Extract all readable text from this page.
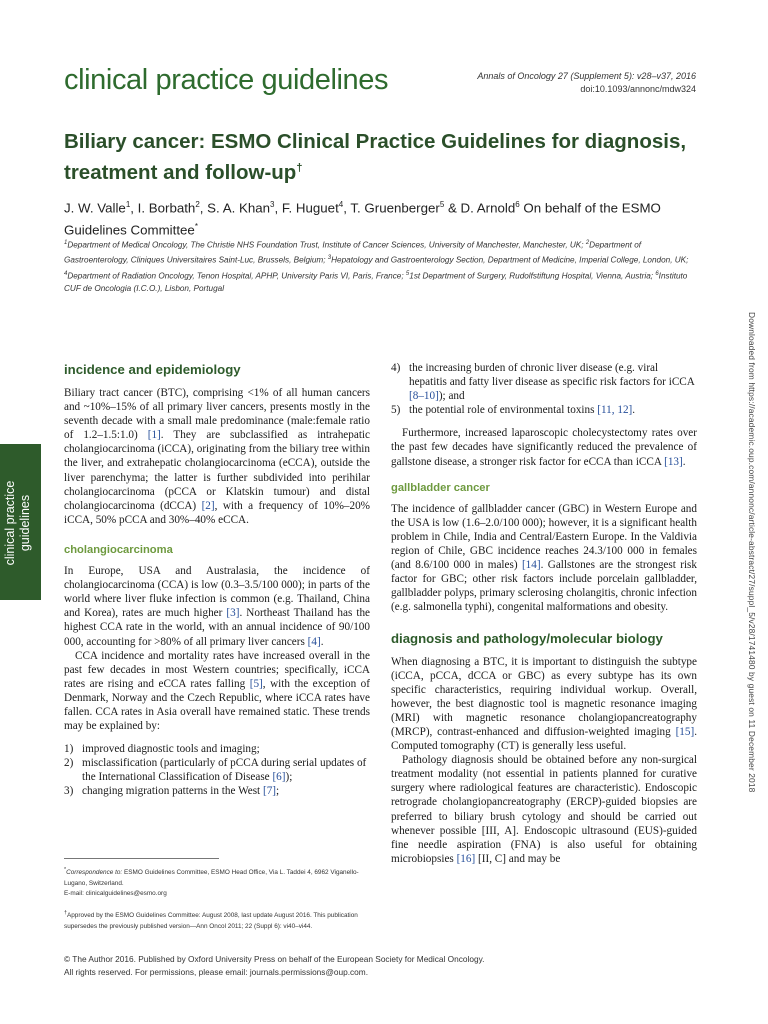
clinical practice guidelines	Annals of Oncology 27 (Supplement 5): v28–v37, 2016
doi:10.1093/annonc/mdw324
Biliary cancer: ESMO Clinical Practice Guidelines for diagnosis, treatment and follow-up†
J. W. Valle$^1$, I. Borbath$^2$, S. A. Khan$^3$, F. Huguet$^4$, T. Gruenberger$^5$ & D. Arnold$^6$ On behalf of the ESMO Guidelines Committee*
$^1$Department of Medical Oncology, The Christie NHS Foundation Trust, Institute of Cancer Sciences, University of Manchester, Manchester, UK; $^2$Department of Gastroenterology, Cliniques Universitaires Saint-Luc, Brussels, Belgium; $^3$Hepatology and Gastroenterology Section, Department of Medicine, Imperial College, London, UK; $^4$Department of Radiation Oncology, Tenon Hospital, APHP, University Paris VI, Paris, France; $^5$1st Department of Surgery, Rudolfstiftung Hospital, Vienna, Austria; $^6$Instituto CUF de Oncologia (I.C.O.), Lisbon, Portugal
incidence and epidemiology

Biliary tract cancer (BTC), comprising <1% of all human cancers and ~10%–15% of all primary liver cancers, presents mostly in the seventh decade with a small male predominance (male:female ratio of 1.2–1.5:1.0) [1]. They are subclassified as intrahepatic cholangiocarcinoma (iCCA), originating from the biliary tree within the liver, and extrahepatic cholangiocarcinoma (eCCA), outside the liver parenchyma; the latter is further subdivided into perihilar cholangiocarcinoma (pCCA or Klatskin tumour) and distal cholangiocarcinoma (dCCA) [2], with a frequency of 10%–20% iCCA, 50% pCCA and 30%–40% eCCA.

cholangiocarcinoma

In Europe, USA and Australasia, the incidence of cholangiocarcinoma (CCA) is low (0.3–3.5/100 000); in parts of the world where liver fluke infection is common (e.g. Thailand, China and Korea), rates are much higher [3]. Northeast Thailand has the highest CCA rate in the world, with an annual incidence of 90/100 000, accounting for >80% of all primary liver cancers [4].

CCA incidence and mortality rates have increased overall in the past few decades in most Western countries; specifically, iCCA rates are rising and eCCA rates falling [5], with the exception of Denmark, Norway and the Czech Republic, where iCCA rates have fallen. CCA rates in Asia overall have remained static. These trends may be explained by:

1) improved diagnostic tools and imaging;
2) misclassification (particularly of pCCA during serial updates of the International Classification of Disease [6]);
3) changing migration patterns in the West [7];
4) the increasing burden of chronic liver disease (e.g. viral hepatitis and fatty liver disease as specific risk factors for iCCA [8–10]); and
5) the potential role of environmental toxins [11, 12].

Furthermore, increased laparoscopic cholecystectomy rates over the past few decades have significantly reduced the prevalence of gallstone disease, a stronger risk factor for eCCA than iCCA [13].

gallbladder cancer

The incidence of gallbladder cancer (GBC) in Western Europe and the USA is low (1.6–2.0/100 000); however, it is a significant health problem in Chile, India and Central/Eastern Europe. In the Valdivia region of Chile, GBC incidence reaches 24.3/100 000 in females (and 8.6/100 000 in males) [14]. Gallstones are the strongest risk factor for GBC; other risk factors include porcelain gallbladder, gallbladder polyps, primary sclerosing cholangitis, chronic infection (e.g. salmonella typhi), congenital malformations and obesity.

diagnosis and pathology/molecular biology

When diagnosing a BTC, it is important to distinguish the subtype (iCCA, pCCA, dCCA or GBC) as every subtype has its own specific characteristics, requiring individual workup. Overall, however, the best diagnostic tool is magnetic resonance imaging (MRI) with magnetic resonance cholangiopancreatography (MRCP), contrast-enhanced and diffusion-weighted imaging [15]. Computed tomography (CT) is generally less useful.

Pathology diagnosis should be obtained before any non-surgical treatment modality (not essential in patients planned for curative surgery where radiological features are characteristic). Endoscopic retrograde cholangiopancreatography (ERCP)-guided biopsies are preferred to biliary brush cytology and should be carried out whenever possible [III, A]. Endoscopic ultrasound (EUS)-guided fine needle aspiration (FNA) is also useful for obtaining microbiopsies [16] [II, C] and may be

*Correspondence to: ESMO Guidelines Committee, ESMO Head Office, Via L. Taddei 4, 6962 Viganello-Lugano, Switzerland.
E-mail: clinicalguidelines@esmo.org
†Approved by the ESMO Guidelines Committee: August 2008, last update August 2016. This publication supersedes the previously published version—Ann Oncol 2011; 22 (Suppl 6): vi40–vi44.
© The Author 2016. Published by Oxford University Press on behalf of the European Society for Medical Oncology.
All rights reserved. For permissions, please email: journals.permissions@oup.com.
clinical practice guidelines	Downloaded from https://academic.oup.com/annonc/article-abstract/27/suppl_5/v28/1741480 by guest on 11 December 2018
